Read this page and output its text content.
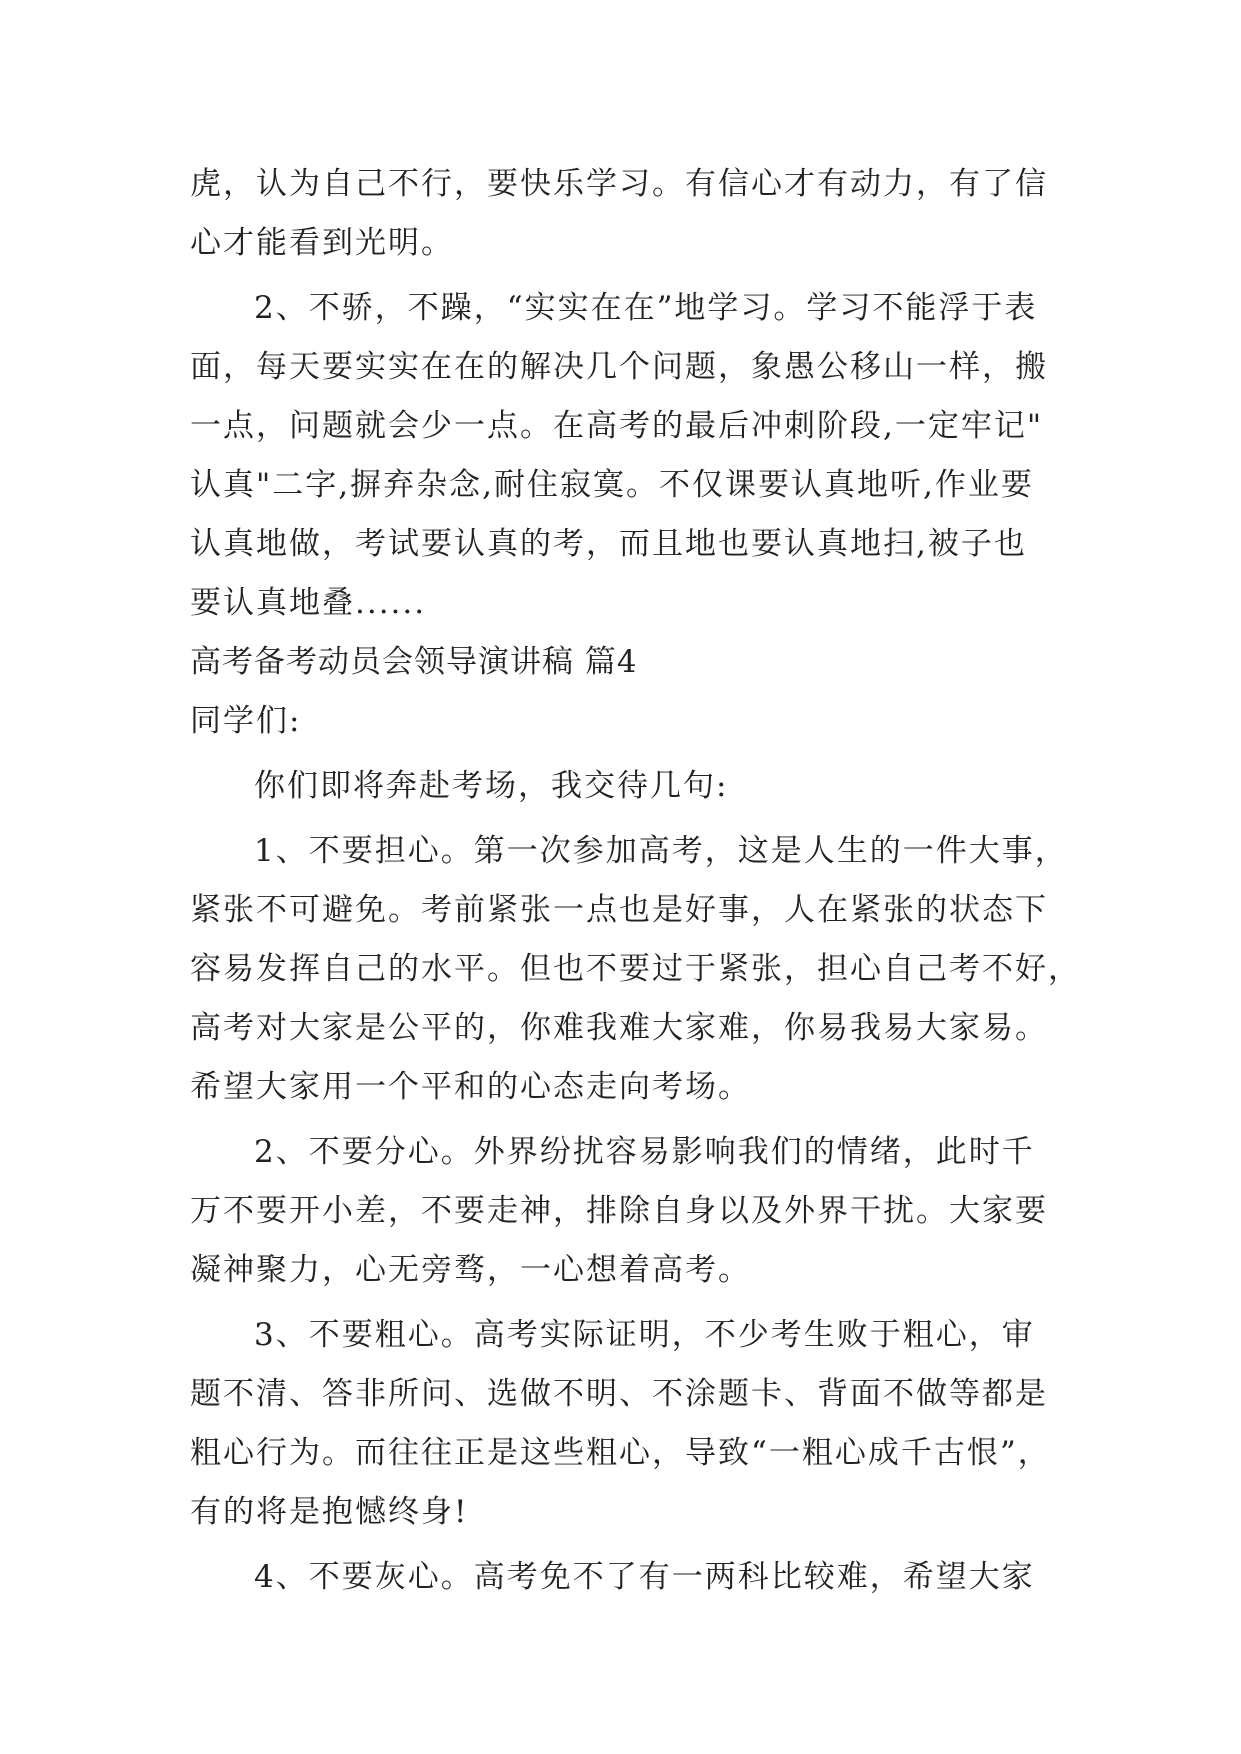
虎，认为自己不行，要快乐学习。有信心才有动力，有了信
心才能看到光明。
2、不骄，不躁，“实实在在”地学习。学习不能浮于表
面，每天要实实在在的解决几个问题，象愚公移山一样，搬
一点，问题就会少一点。在高考的最后冲刺阶段,一定牢记"
认真"二字,摒弃杂念,耐住寂寞。不仅课要认真地听,作业要
认真地做，考试要认真的考，而且地也要认真地扫,被子也
要认真地叠......
高考备考动员会领导演讲稿 篇4
同学们:
你们即将奔赴考场，我交待几句:
1、不要担心。第一次参加高考，这是人生的一件大事，
紧张不可避免。考前紧张一点也是好事，人在紧张的状态下
容易发挥自己的水平。但也不要过于紧张，担心自己考不好，
高考对大家是公平的，你难我难大家难，你易我易大家易。
希望大家用一个平和的心态走向考场。
2、不要分心。外界纷扰容易影响我们的情绪，此时千
万不要开小差，不要走神，排除自身以及外界干扰。大家要
凝神聚力，心无旁骛，一心想着高考。
3、不要粗心。高考实际证明，不少考生败于粗心，审
题不清、答非所问、选做不明、不涂题卡、背面不做等都是
粗心行为。而往往正是这些粗心，导致“一粗心成千古恨”，
有的将是抱憾终身!
4、不要灰心。高考免不了有一两科比较难，希望大家
